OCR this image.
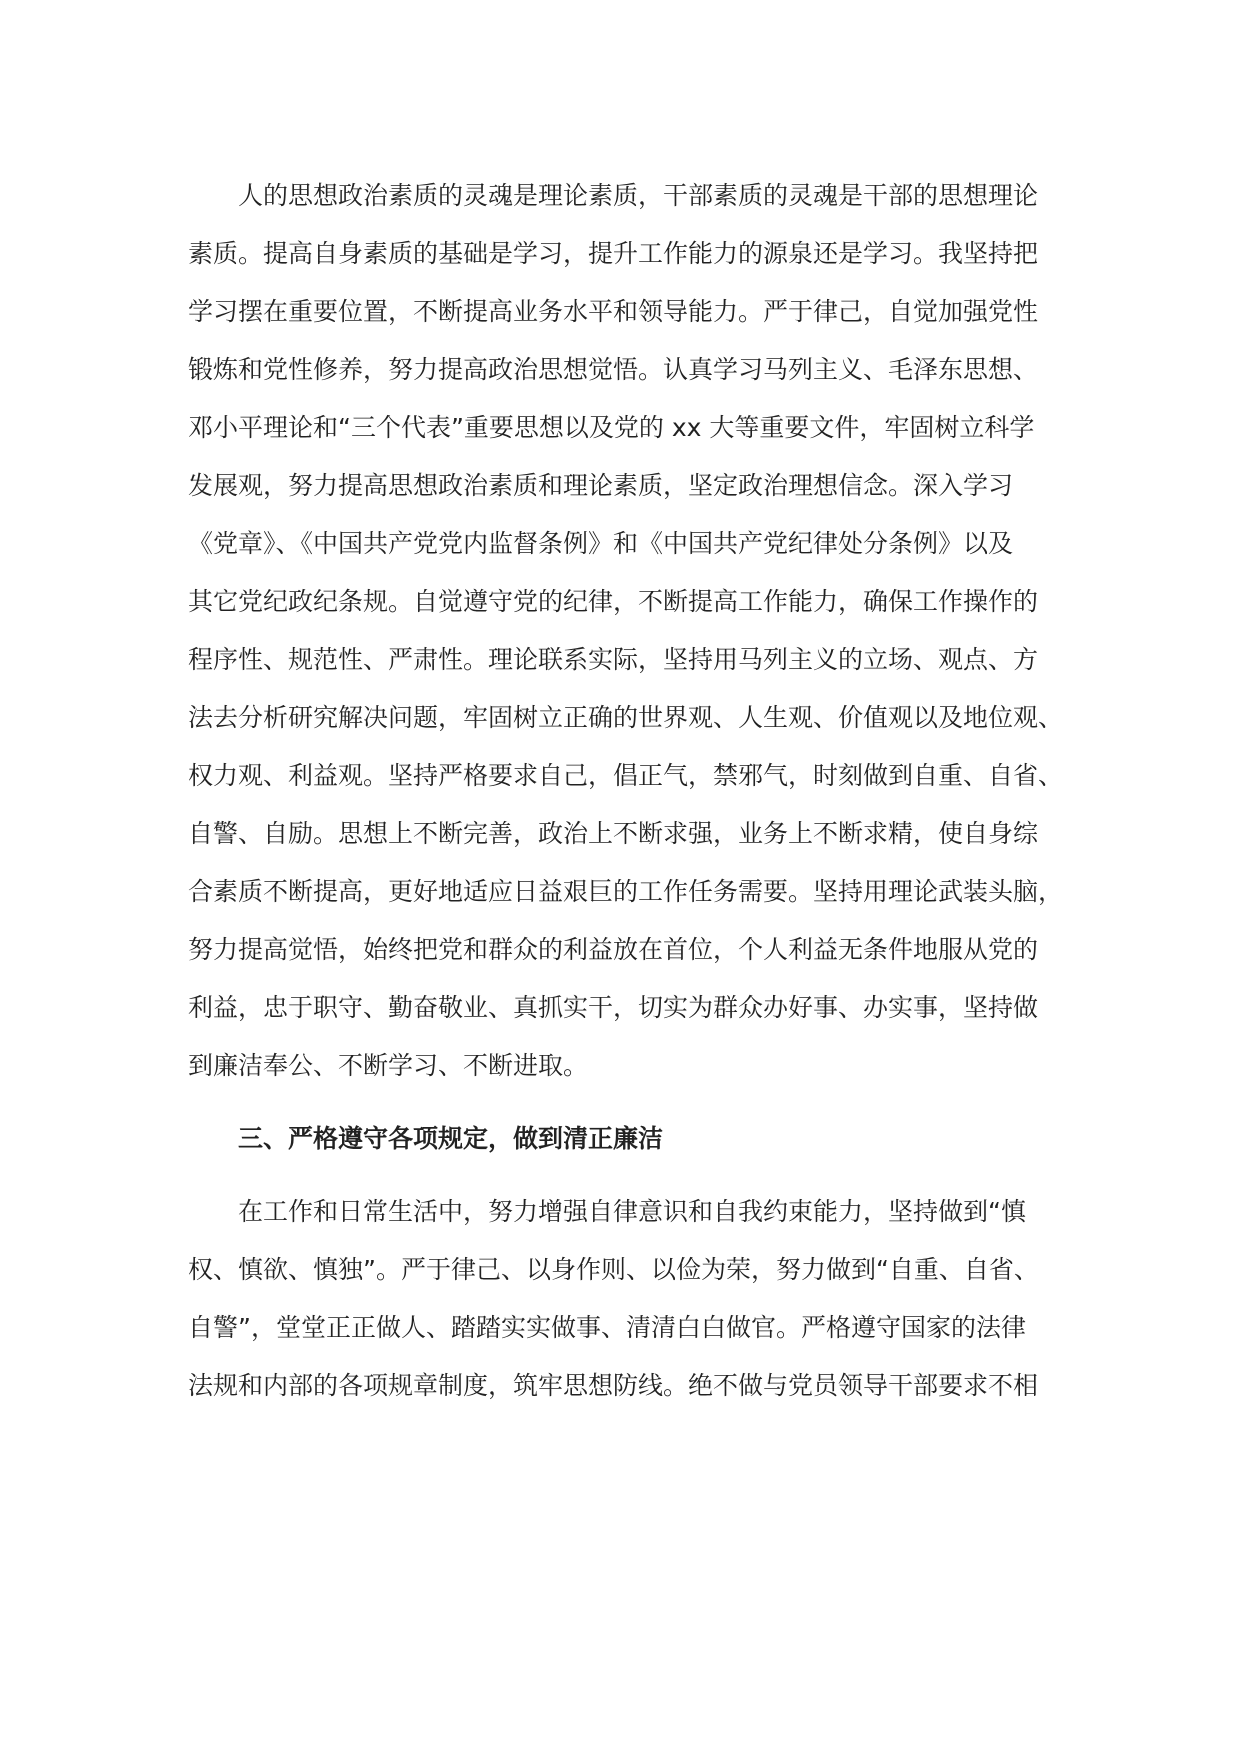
人的思想政治素质的灵魂是理论素质，干部素质的灵魂是干部的思想理论
素质。提高自身素质的基础是学习，提升工作能力的源泉还是学习。我坚持把
学习摆在重要位置，不断提高业务水平和领导能力。严于律己，自觉加强党性
锻炼和党性修养，努力提高政治思想觉悟。认真学习马列主义、毛泽东思想、
邓小平理论和“三个代表”重要思想以及党的 xx 大等重要文件，牢固树立科学
发展观，努力提高思想政治素质和理论素质，坚定政治理想信念。深入学习
《党章》、《中国共产党党内监督条例》和《中国共产党纪律处分条例》以及
其它党纪政纪条规。自觉遵守党的纪律，不断提高工作能力，确保工作操作的
程序性、规范性、严肃性。理论联系实际，坚持用马列主义的立场、观点、方
法去分析研究解决问题，牢固树立正确的世界观、人生观、价值观以及地位观、
权力观、利益观。坚持严格要求自己，倡正气，禁邪气，时刻做到自重、自省、
自警、自励。思想上不断完善，政治上不断求强，业务上不断求精，使自身综
合素质不断提高，更好地适应日益艰巨的工作任务需要。坚持用理论武装头脑，
努力提高觉悟，始终把党和群众的利益放在首位，个人利益无条件地服从党的
利益，忠于职守、勤奋敬业、真抓实干，切实为群众办好事、办实事，坚持做
到廉洁奉公、不断学习、不断进取。
三、严格遵守各项规定，做到清正廉洁
在工作和日常生活中，努力增强自律意识和自我约束能力，坚持做到“慎
权、慎欲、慎独”。严于律己、以身作则、以俭为荣，努力做到“自重、自省、
自警”，堂堂正正做人、踏踏实实做事、清清白白做官。严格遵守国家的法律
法规和内部的各项规章制度，筑牢思想防线。绝不做与党员领导干部要求不相
